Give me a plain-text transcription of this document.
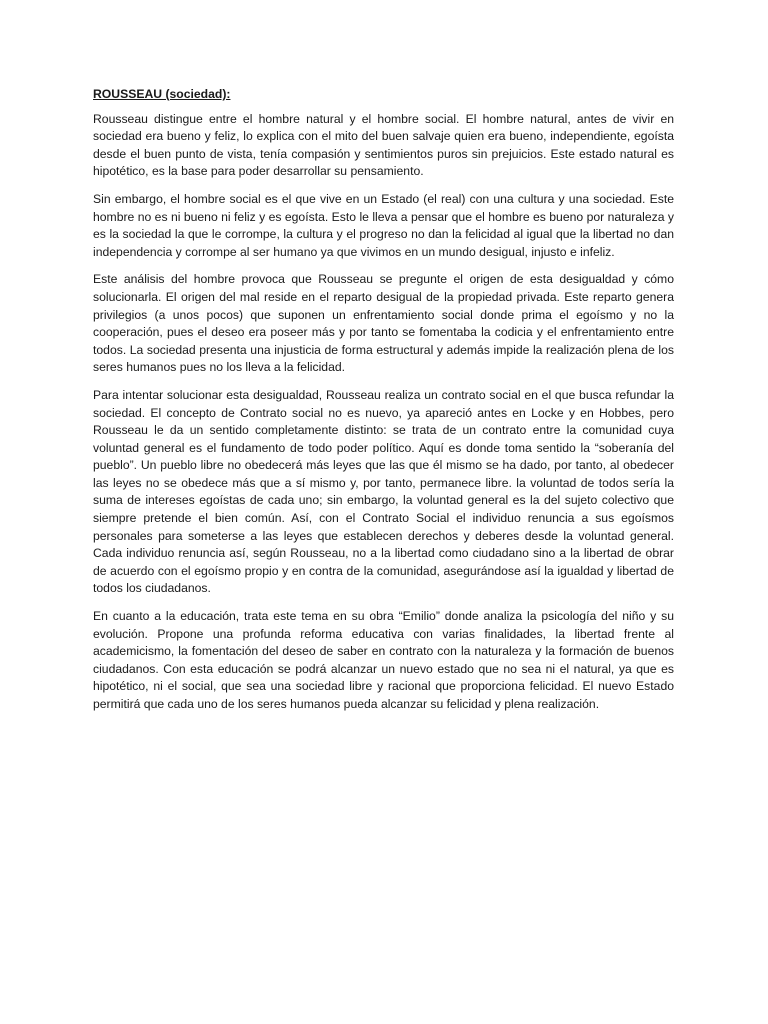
ROUSSEAU (sociedad):

Rousseau distingue entre el hombre natural y el hombre social. El hombre natural, antes de vivir en sociedad era bueno y feliz, lo explica con el mito del buen salvaje quien era bueno, independiente, egoísta desde el buen punto de vista, tenía compasión y sentimientos puros sin prejuicios. Este estado natural es hipotético, es la base para poder desarrollar su pensamiento.

Sin embargo, el hombre social es el que vive en un Estado (el real) con una cultura y una sociedad. Este hombre no es ni bueno ni feliz y es egoísta. Esto le lleva a pensar que el hombre es bueno por naturaleza y es la sociedad la que le corrompe, la cultura y el progreso no dan la felicidad al igual que la libertad no dan independencia y corrompe al ser humano ya que vivimos en un mundo desigual, injusto e infeliz.

Este análisis del hombre provoca que Rousseau se pregunte el origen de esta desigualdad y cómo solucionarla. El origen del mal reside en el reparto desigual de la propiedad privada. Este reparto genera privilegios (a unos pocos) que suponen un enfrentamiento social donde prima el egoísmo y no la cooperación, pues el deseo era poseer más y por tanto se fomentaba la codicia y el enfrentamiento entre todos. La sociedad presenta una injusticia de forma estructural y además impide la realización plena de los seres humanos pues no los lleva a la felicidad.

Para intentar solucionar esta desigualdad, Rousseau realiza un contrato social en el que busca refundar la sociedad. El concepto de Contrato social no es nuevo, ya apareció antes en Locke y en Hobbes, pero Rousseau le da un sentido completamente distinto: se trata de un contrato entre la comunidad cuya voluntad general es el fundamento de todo poder político. Aquí es donde toma sentido la “soberanía del pueblo”. Un pueblo libre no obedecerá más leyes que las que él mismo se ha dado, por tanto, al obedecer las leyes no se obedece más que a sí mismo y, por tanto, permanece libre. la voluntad de todos sería la suma de intereses egoístas de cada uno; sin embargo, la voluntad general es la del sujeto colectivo que siempre pretende el bien común. Así, con el Contrato Social el individuo renuncia a sus egoísmos personales para someterse a las leyes que establecen derechos y deberes desde la voluntad general. Cada individuo renuncia así, según Rousseau, no a la libertad como ciudadano sino a la libertad de obrar de acuerdo con el egoísmo propio y en contra de la comunidad, asegurándose así la igualdad y libertad de todos los ciudadanos.

En cuanto a la educación, trata este tema en su obra “Emilio” donde analiza la psicología del niño y su evolución. Propone una profunda reforma educativa con varias finalidades, la libertad frente al academicismo, la fomentación del deseo de saber en contrato con la naturaleza y la formación de buenos ciudadanos. Con esta educación se podrá alcanzar un nuevo estado que no sea ni el natural, ya que es hipotético, ni el social, que sea una sociedad libre y racional que proporciona felicidad. El nuevo Estado permitirá que cada uno de los seres humanos pueda alcanzar su felicidad y plena realización.
